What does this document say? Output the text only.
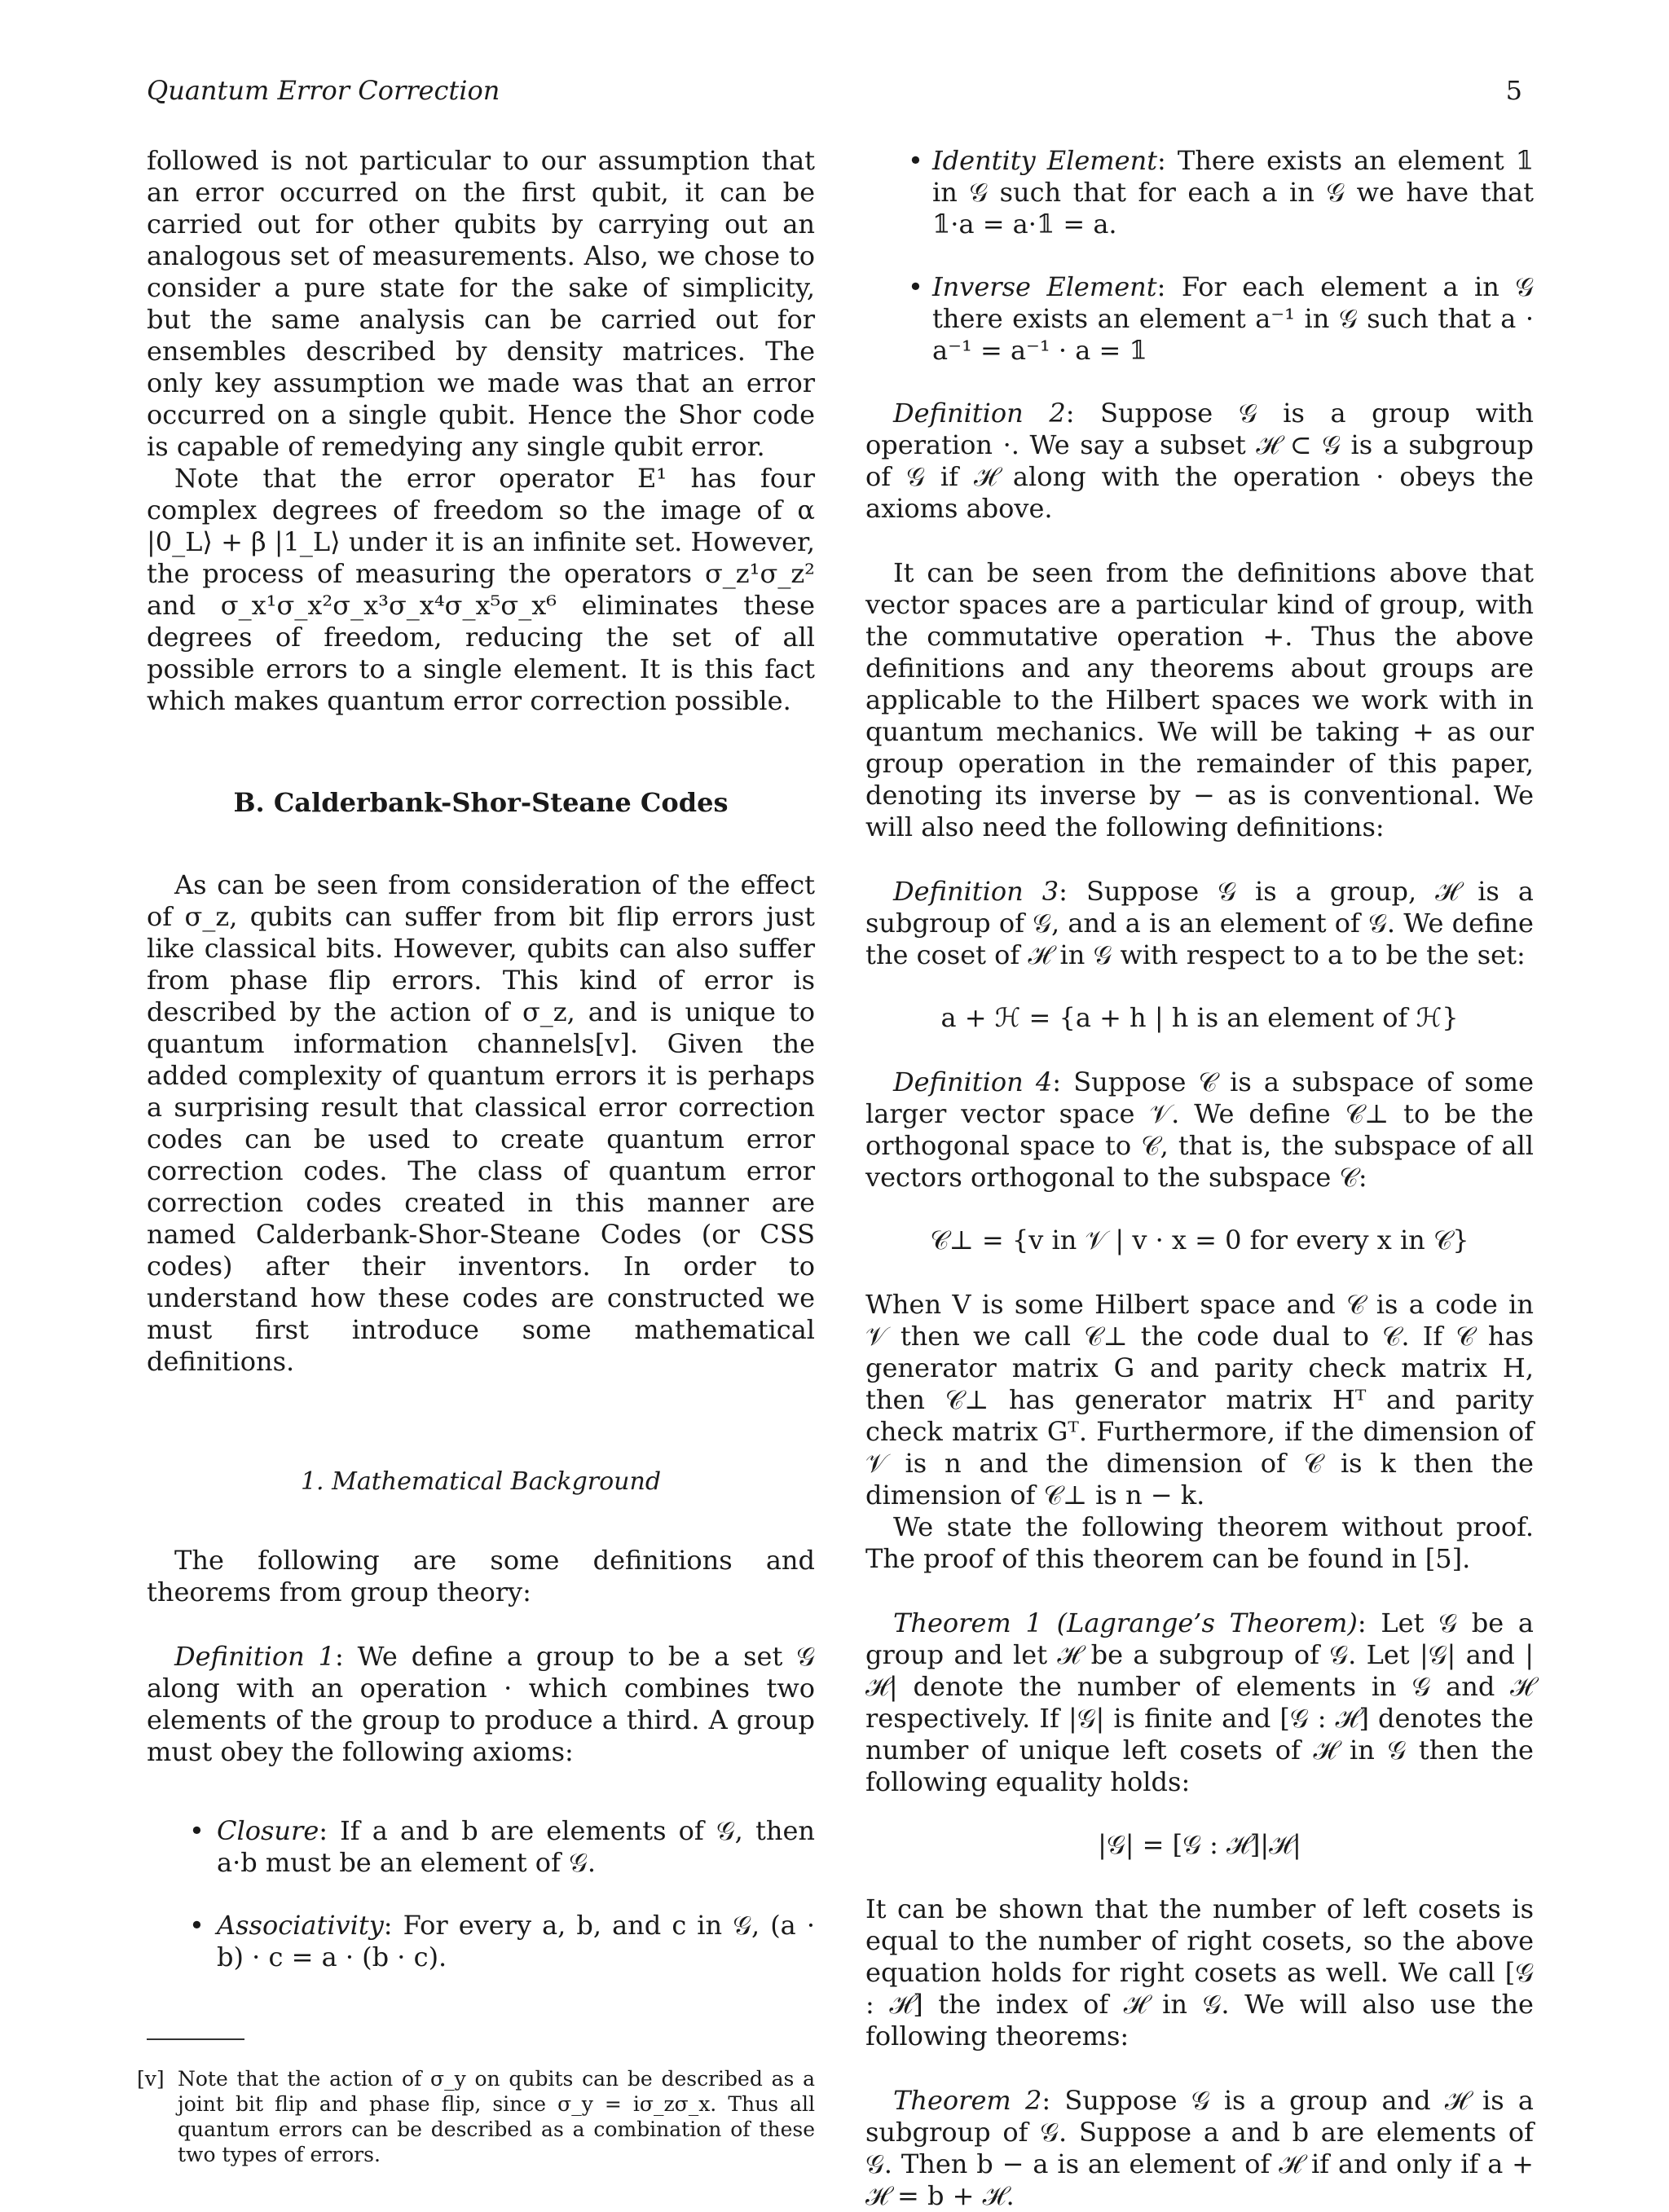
Quantum Error Correction	5

followed is not particular to our assumption that an error occurred on the first qubit, it can be carried out for other qubits by carrying out an analogous set of measurements. Also, we chose to consider a pure state for the sake of simplicity, but the same analysis can be carried out for ensembles described by density matrices. The only key assumption we made was that an error occurred on a single qubit. Hence the Shor code is capable of remedying any single qubit error.

Note that the error operator E¹ has four complex degrees of freedom so the image of α |0_L⟩ + β |1_L⟩ under it is an infinite set. However, the process of measuring the operators σ_z¹σ_z² and σ_x¹σ_x²σ_x³σ_x⁴σ_x⁵σ_x⁶ eliminates these degrees of freedom, reducing the set of all possible errors to a single element. It is this fact which makes quantum error correction possible.

B. Calderbank-Shor-Steane Codes

As can be seen from consideration of the effect of σ_z, qubits can suffer from bit flip errors just like classical bits. However, qubits can also suffer from phase flip errors. This kind of error is described by the action of σ_z, and is unique to quantum information channels[v]. Given the added complexity of quantum errors it is perhaps a surprising result that classical error correction codes can be used to create quantum error correction codes. The class of quantum error correction codes created in this manner are named Calderbank-Shor-Steane Codes (or CSS codes) after their inventors. In order to understand how these codes are constructed we must first introduce some mathematical definitions.

1. Mathematical Background

The following are some definitions and theorems from group theory:

Definition 1: We define a group to be a set 𝒢 along with an operation · which combines two elements of the group to produce a third. A group must obey the following axioms:

• Closure: If a and b are elements of 𝒢, then a·b must be an element of 𝒢.
• Associativity: For every a, b, and c in 𝒢, (a · b) · c = a · (b · c).
[v] Note that the action of σ_y on qubits can be described as a joint bit flip and phase flip, since σ_y = iσ_zσ_x. Thus all quantum errors can be described as a combination of these two types of errors.
• Identity Element: There exists an element 𝟙 in 𝒢 such that for each a in 𝒢 we have that 𝟙·a = a·𝟙 = a.
• Inverse Element: For each element a in 𝒢 there exists an element a⁻¹ in 𝒢 such that a · a⁻¹ = a⁻¹ · a = 𝟙

Definition 2: Suppose 𝒢 is a group with operation ·. We say a subset ℋ ⊂ 𝒢 is a subgroup of 𝒢 if ℋ along with the operation · obeys the axioms above.

It can be seen from the definitions above that vector spaces are a particular kind of group, with the commutative operation +. Thus the above definitions and any theorems about groups are applicable to the Hilbert spaces we work with in quantum mechanics. We will be taking + as our group operation in the remainder of this paper, denoting its inverse by − as is conventional. We will also need the following definitions:

Definition 3: Suppose 𝒢 is a group, ℋ is a subgroup of 𝒢, and a is an element of 𝒢. We define the coset of ℋ in 𝒢 with respect to a to be the set:

a + ℋ = {a + h | h is an element of ℋ}

Definition 4: Suppose 𝒞 is a subspace of some larger vector space 𝒱. We define 𝒞⊥ to be the orthogonal space to 𝒞, that is, the subspace of all vectors orthogonal to the subspace 𝒞:

𝒞⊥ = {v in 𝒱 | v · x = 0 for every x in 𝒞}

When V is some Hilbert space and 𝒞 is a code in 𝒱 then we call 𝒞⊥ the code dual to 𝒞. If 𝒞 has generator matrix G and parity check matrix H, then 𝒞⊥ has generator matrix Hᵀ and parity check matrix Gᵀ. Furthermore, if the dimension of 𝒱 is n and the dimension of 𝒞 is k then the dimension of 𝒞⊥ is n − k.

We state the following theorem without proof. The proof of this theorem can be found in [5].

Theorem 1 (Lagrange’s Theorem): Let 𝒢 be a group and let ℋ be a subgroup of 𝒢. Let |𝒢| and |ℋ| denote the number of elements in 𝒢 and ℋ respectively. If |𝒢| is finite and [𝒢 : ℋ] denotes the number of unique left cosets of ℋ in 𝒢 then the following equality holds:

|𝒢| = [𝒢 : ℋ]|ℋ|

It can be shown that the number of left cosets is equal to the number of right cosets, so the above equation holds for right cosets as well. We call [𝒢 : ℋ] the index of ℋ in 𝒢. We will also use the following theorems:

Theorem 2: Suppose 𝒢 is a group and ℋ is a subgroup of 𝒢. Suppose a and b are elements of 𝒢. Then b − a is an element of ℋ if and only if a + ℋ = b + ℋ.
